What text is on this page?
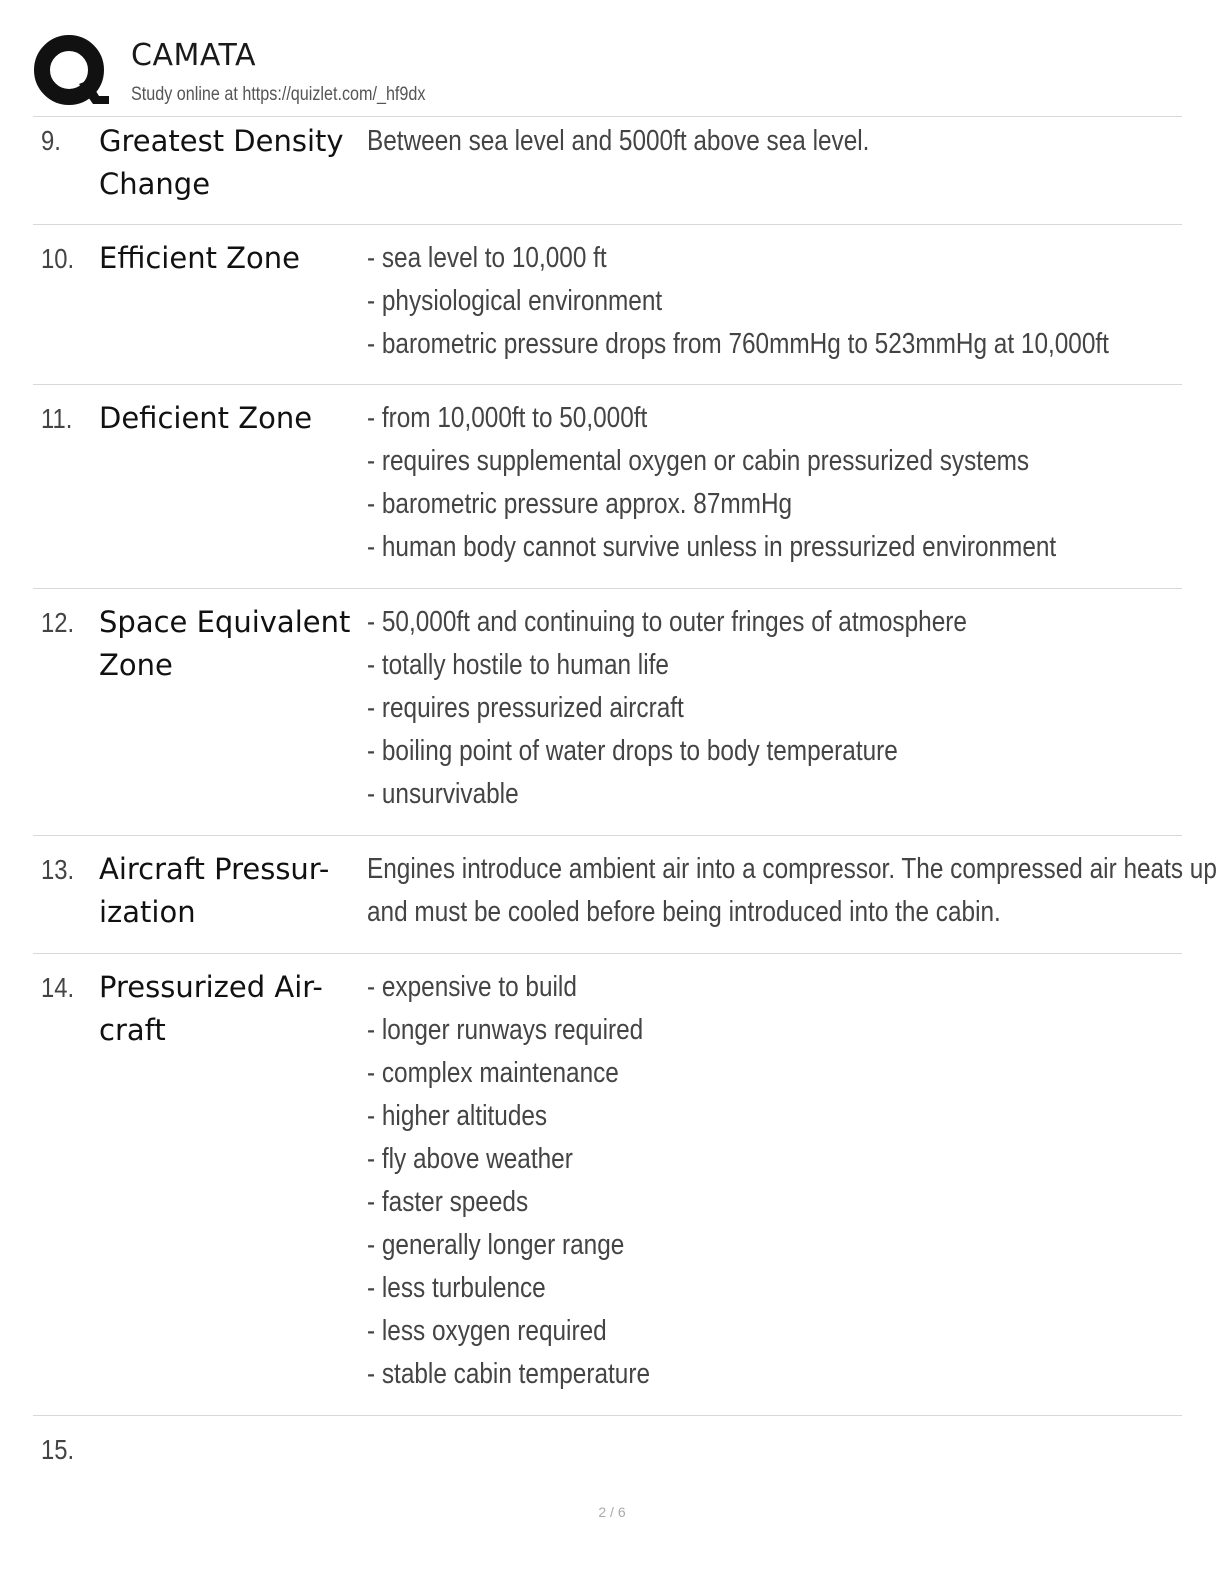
CAMATA
Study online at https://quizlet.com/_hf9dx
9. Greatest Density
Change
Between sea level and 5000ft above sea level.
10. Efficient Zone	- sea level to 10,000 ft
- physiological environment
- barometric pressure drops from 760mmHg to 523mmHg at 10,000ft
11. Deficient Zone	- from 10,000ft to 50,000ft
- requires supplemental oxygen or cabin pressurized systems
- barometric pressure approx. 87mmHg
- human body cannot survive unless in pressurized environment
12. Space Equivalent
Zone
- 50,000ft and continuing to outer fringes of atmosphere
- totally hostile to human life
- requires pressurized aircraft
- boiling point of water drops to body temperature
- unsurvivable
13. Aircraft Pressur-
ization
Engines introduce ambient air into a compressor. The compressed air heats up
and must be cooled before being introduced into the cabin.
14. Pressurized Air-
craft
- expensive to build
- longer runways required
- complex maintenance
- higher altitudes
- fly above weather
- faster speeds
- generally longer range
- less turbulence
- less oxygen required
- stable cabin temperature
15.
2 / 6
